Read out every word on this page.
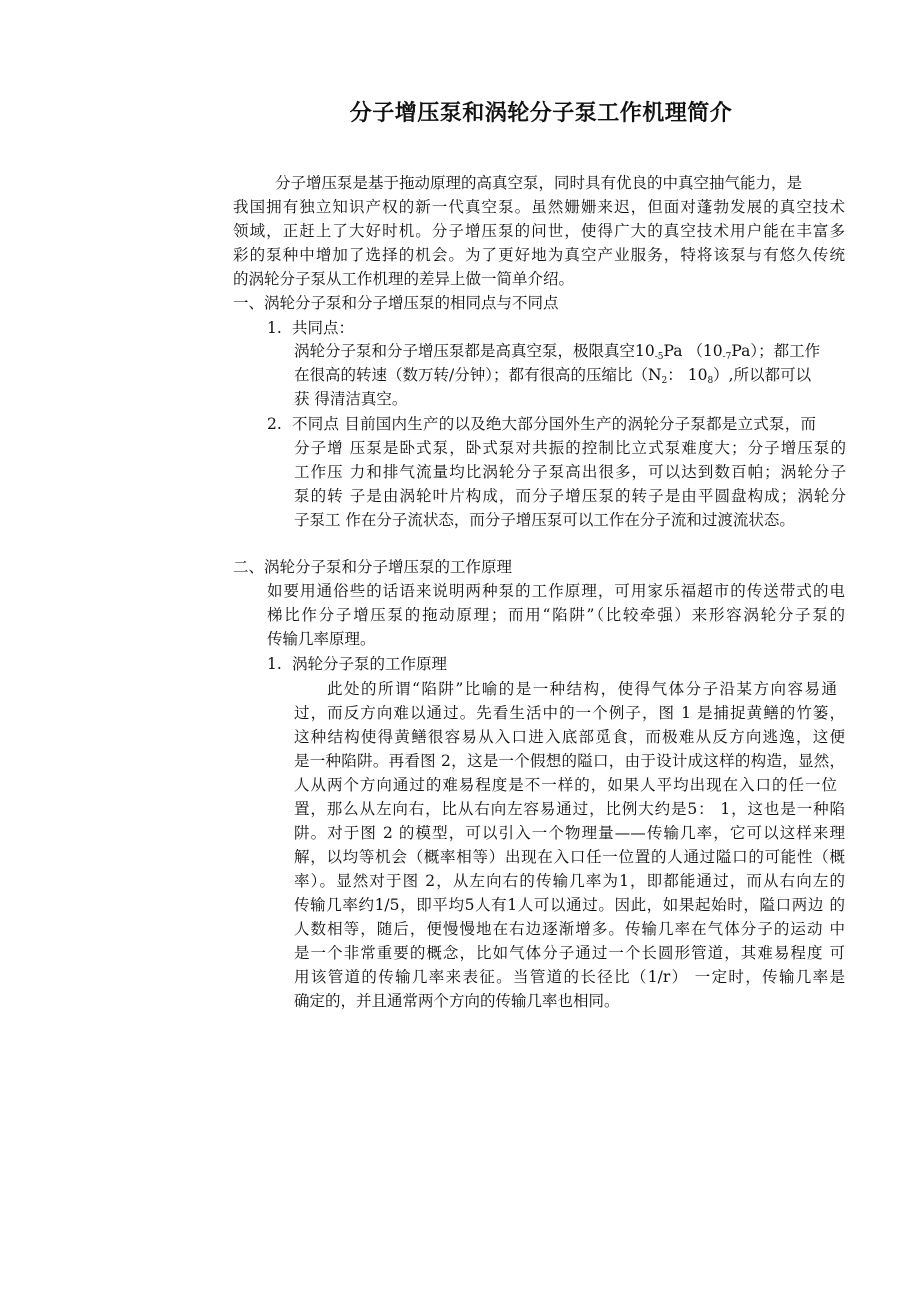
分子增压泵和涡轮分子泵工作机理简介
分子增压泵是基于拖动原理的高真空泵，同时具有优良的中真空抽气能力，是
我国拥有独立知识产权的新一代真空泵。虽然姗姗来迟，但面对蓬勃发展的真空技术
领域，正赶上了大好时机。分子增压泵的问世，使得广大的真空技术用户能在丰富多
彩的泵种中增加了选择的机会。为了更好地为真空产业服务，特将该泵与有悠久传统
的涡轮分子泵从工作机理的差异上做一简单介绍。
一、涡轮分子泵和分子增压泵的相同点与不同点
1. 共同点：
涡轮分子泵和分子增压泵都是高真空泵，极限真空$10_{-5}Pa$ $(10_{-7}Pa)$；都工作
在很高的转速（数万转/分钟）；都有很高的压缩比（$N_2$： $10_8$）,所以都可以
获 得清洁真空。
2. 不同点 目前国内生产的以及绝大部分国外生产的涡轮分子泵都是立式泵，而
分子增 压泵是卧式泵，卧式泵对共振的控制比立式泵难度大；分子增压泵的
工作压 力和排气流量均比涡轮分子泵高出很多，可以达到数百帕；涡轮分子
泵的转 子是由涡轮叶片构成，而分子增压泵的转子是由平圆盘构成；涡轮分
子泵工 作在分子流状态，而分子增压泵可以工作在分子流和过渡流状态。
二、涡轮分子泵和分子增压泵的工作原理
如要用通俗些的话语来说明两种泵的工作原理，可用家乐福超市的传送带式的电
梯比作分子增压泵的拖动原理；而用“陷阱”（比较牵强）来形容涡轮分子泵的
传输几率原理。
1. 涡轮分子泵的工作原理
此处的所谓“陷阱”比喻的是一种结构，使得气体分子沿某方向容易通
过，而反方向难以通过。先看生活中的一个例子，图 1 是捕捉黄鳝的竹篓，
这种结构使得黄鳝很容易从入口进入底部觅食，而极难从反方向逃逸，这便
是一种陷阱。再看图 2，这是一个假想的隘口，由于设计成这样的构造，显然，
人从两个方向通过的难易程度是不一样的，如果人平均出现在入口的任一位
置，那么从左向右，比从右向左容易通过，比例大约是5： 1，这也是一种陷
阱。对于图 2 的模型，可以引入一个物理量——传输几率，它可以这样来理
解，以均等机会（概率相等）出现在入口任一位置的人通过隘口的可能性（概
率）。显然对于图 2，从左向右的传输几率为1，即都能通过，而从右向左的
传输几率约1/5，即平均5人有1人可以通过。因此，如果起始时，隘口两边 的
人数相等，随后，便慢慢地在右边逐渐增多。传输几率在气体分子的运动 中
是一个非常重要的概念，比如气体分子通过一个长圆形管道，其难易程度 可
用该管道的传输几率来表征。当管道的长径比（1/r） 一定时，传输几率是
确定的，并且通常两个方向的传输几率也相同。
